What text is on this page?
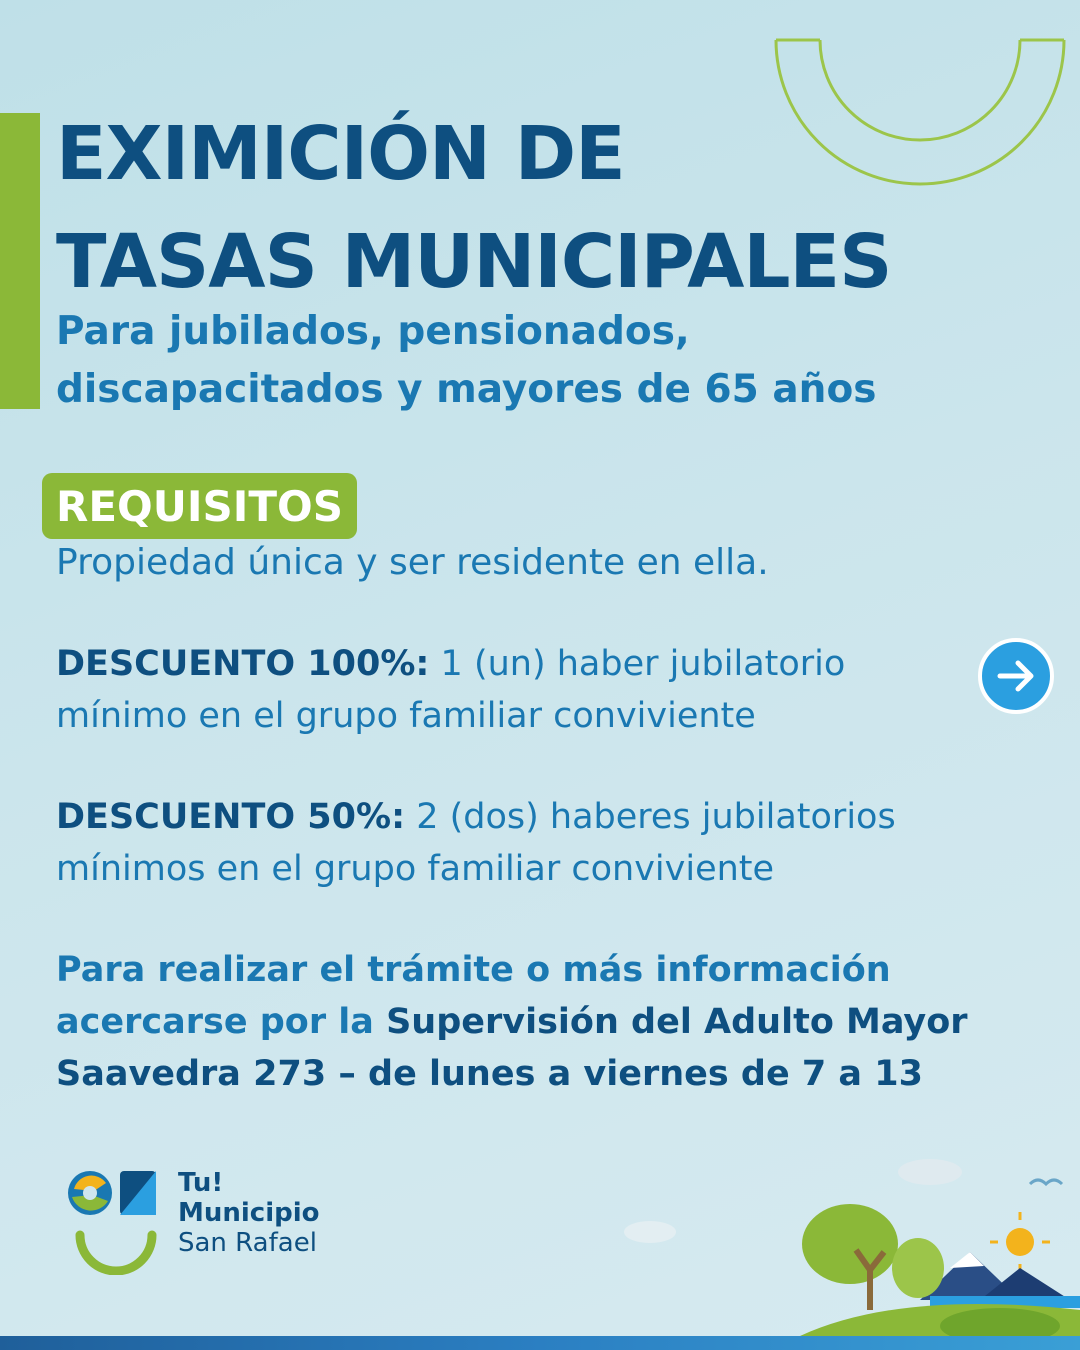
EXIMICIÓN DE
TASAS MUNICIPALES
Para jubilados, pensionados,
discapacitados y mayores de 65 años
REQUISITOS

Propiedad única y ser residente en ella.

DESCUENTO 100%: 1 (un) haber jubilatorio
mínimo en el grupo familiar conviviente

DESCUENTO 50%: 2 (dos) haberes jubilatorios
mínimos en el grupo familiar conviviente

Para realizar el trámite o más información
acercarse por la Supervisión del Adulto Mayor
Saavedra 273 – de lunes a viernes de 7 a 13

Tu!
Municipio
San Rafael
